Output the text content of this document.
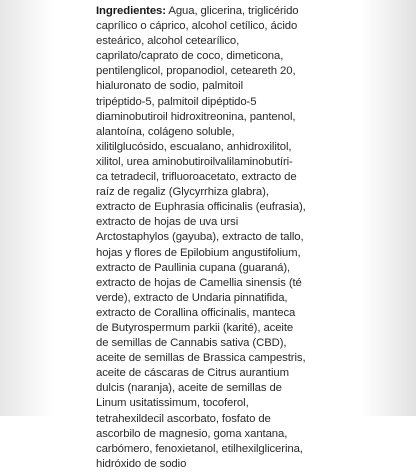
Ingredientes: Agua, glicerina, triglicérido
caprílico o cáprico, alcohol cetílico, ácido
esteárico, alcohol cetearílico,
caprilato/caprato de coco, dimeticona,
pentilenglicol, propanodiol, ceteareth 20,
hialuronato de sodio, palmitoil
tripéptido-5, palmitoil dipéptido-5
diaminobutiroil hidroxitreonina, pantenol,
alantoína, colágeno soluble,
xilitilglucósido, escualano, anhidroxilitol,
xilitol, urea aminobutiroilvalilaminobutíri-
ca tetradecil, trifluoroacetato, extracto de
raíz de regaliz (Glycyrrhiza glabra),
extracto de Euphrasia officinalis (eufrasia),
extracto de hojas de uva ursi
Arctostaphylos (gayuba), extracto de tallo,
hojas y flores de Epilobium angustifolium,
extracto de Paullinia cupana (guaraná),
extracto de hojas de Camellia sinensis (té
verde), extracto de Undaria pinnatifida,
extracto de Corallina officinalis, manteca
de Butyrospermum parkii (karité), aceite
de semillas de Cannabis sativa (CBD),
aceite de semillas de Brassica campestris,
aceite de cáscaras de Citrus aurantium
dulcis (naranja), aceite de semillas de
Linum usitatissimum, tocoferol,
tetrahexildecil ascorbato, fosfato de
ascorbilo de magnesio, goma xantana,
carbómero, fenoxietanol, etilhexilglicerina,
hidróxido de sodio
